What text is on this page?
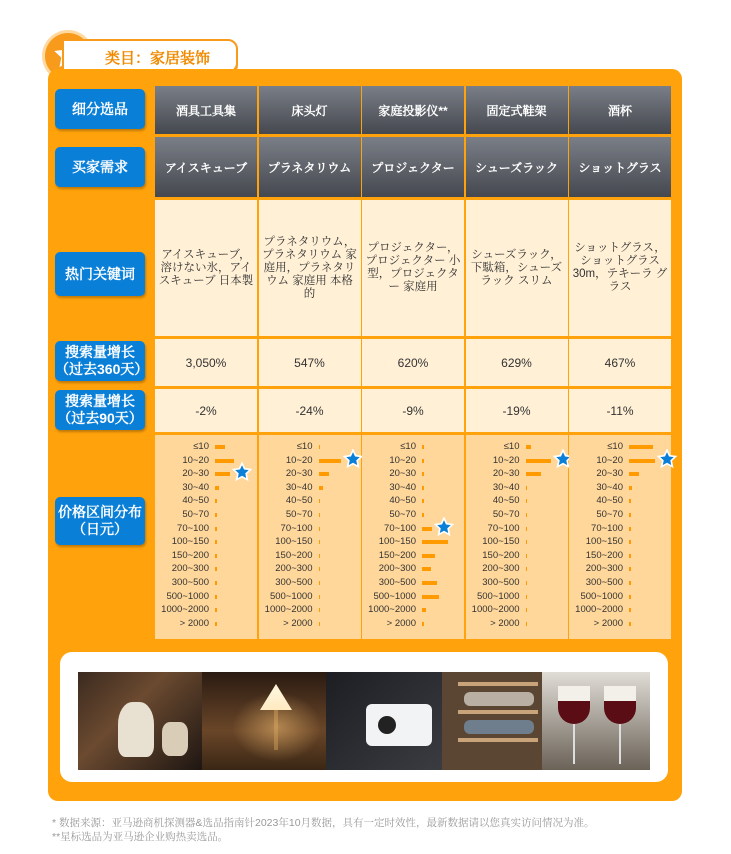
类目：家居装饰
细分选品
买家需求
热门关键词
搜索量增长
（过去360天）
搜索量增长
（过去90天）
价格区间分布
（日元）
酒具工具集
アイスキューブ
アイスキューブ，溶けない氷，アイスキューブ 日本製
3,050%
-2%
≤10
10~20
20~30
30~40
40~50
50~70
70~100
100~150
150~200
200~300
300~500
500~1000
1000~2000
> 2000
床头灯
プラネタリウム
プラネタリウム，プラネタリウム 家庭用，プラネタリウム 家庭用 本格的
547%
-24%
≤10
10~20
20~30
30~40
40~50
50~70
70~100
100~150
150~200
200~300
300~500
500~1000
1000~2000
> 2000
家庭投影仪**
プロジェクター
プロジェクター，プロジェクター 小型，プロジェクター 家庭用
620%
-9%
≤10
10~20
20~30
30~40
40~50
50~70
70~100
100~150
150~200
200~300
300~500
500~1000
1000~2000
> 2000
固定式鞋架
シューズラック
シューズラック，下駄箱，シューズラック スリム
629%
-19%
≤10
10~20
20~30
30~40
40~50
50~70
70~100
100~150
150~200
200~300
300~500
500~1000
1000~2000
> 2000
酒杯
ショットグラス
ショットグラス，ショットグラス 30m，テキーラ グラス
467%
-11%
≤10
10~20
20~30
30~40
40~50
50~70
70~100
100~150
150~200
200~300
300~500
500~1000
1000~2000
> 2000
* 数据来源：亚马逊商机探测器&选品指南针2023年10月数据，具有一定时效性，最新数据请以您真实访问情况为准。
**星标选品为亚马逊企业购热卖选品。
